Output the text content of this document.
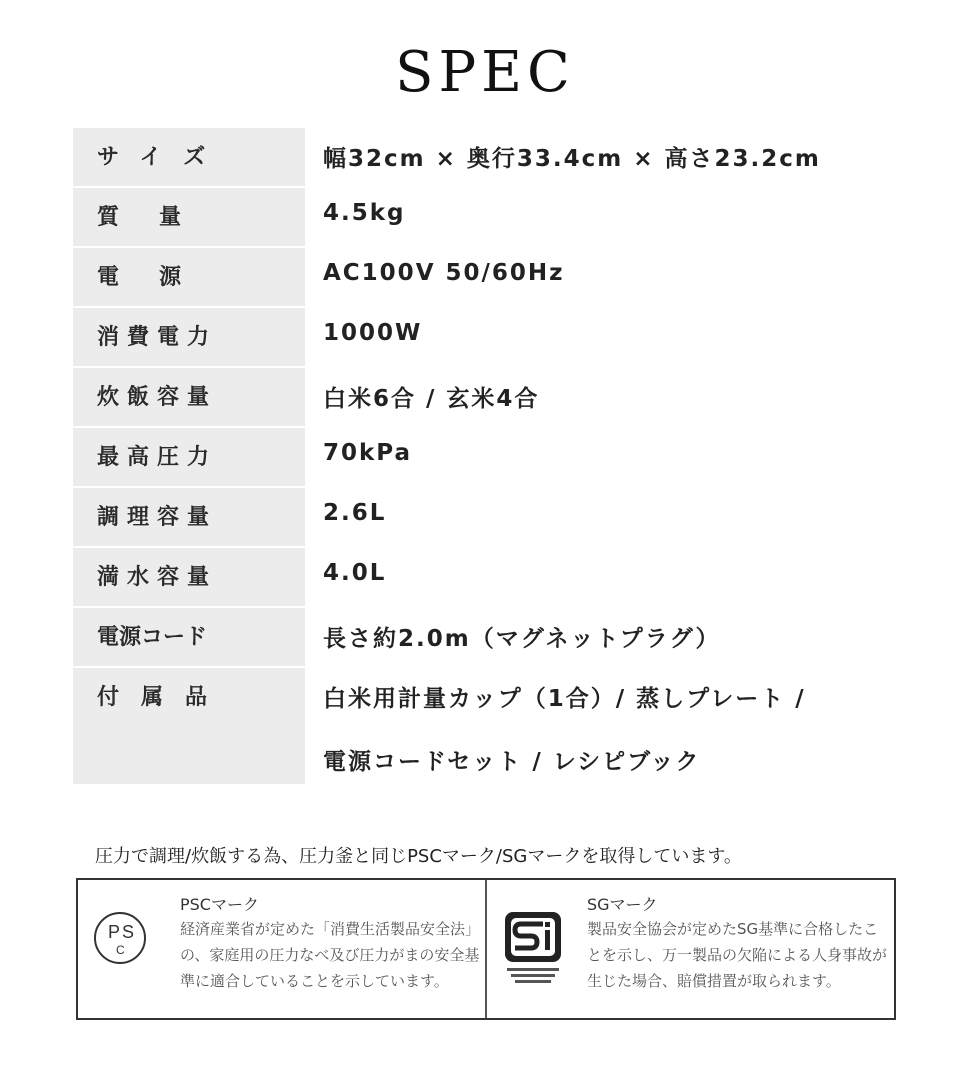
SPEC
サイズ	幅32cm × 奥行33.4cm × 高さ23.2cm
質量	4.5kg
電源	AC100V 50/60Hz
消費電力	1000W
炊飯容量	白米6合 / 玄米4合
最高圧力	70kPa
調理容量	2.6L
満水容量	4.0L
電源コード	長さ約2.0m（マグネットプラグ）
付属品	白米用計量カップ（1合）/ 蒸しプレート /
電源コードセット / レシピブック
圧力で調理/炊飯する為、圧力釜と同じPSCマーク/SGマークを取得しています。
P S
C
PSCマーク
経済産業省が定めた「消費生活製品安全法」の、家庭用の圧力なべ及び圧力がまの安全基準に適合していることを示しています。
SGマーク
製品安全協会が定めたSG基準に合格したことを示し、万一製品の欠陥による人身事故が生じた場合、賠償措置が取られます。
